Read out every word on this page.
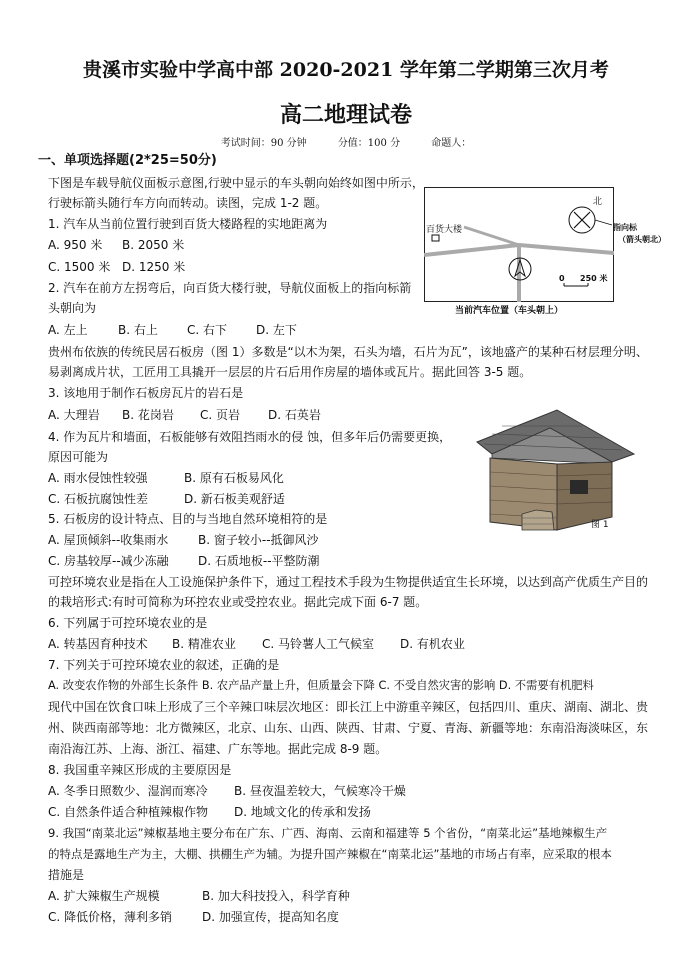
贵溪市实验中学高中部 2020-2021 学年第二学期第三次月考
高二地理试卷
考试时间：90 分钟	分值：100 分	命题人：
一、单项选择题(2*25=50分)
下图是车载导航仪面板示意图,行驶中显示的车头朝向始终如图中所示，
行驶标箭头随行车方向而转动。读图，完成 1-2 题。
1. 汽车从当前位置行驶到百货大楼路程的实地距离为
A. 950 米 B. 2050 米
C. 1500 米 D. 1250 米
2. 汽车在前方左拐弯后，向百货大楼行驶，导航仪面板上的指向标箭
头朝向为
A. 左上	B. 右上 C. 右下 D. 左下
百货大楼
北
指向标
（箭头朝北）
0 250 米
当前汽车位置（车头朝上）
贵州布依族的传统民居石板房（图 1）多数是“以木为架，石头为墙，石片为瓦”，该地盛产的某种石材层理分明、
易剥离成片状，工匠用工具撬开一层层的片石后用作房屋的墙体或瓦片。据此回答 3-5 题。
3. 该地用于制作石板房瓦片的岩石是
A. 大理岩 B. 花岗岩 C. 页岩 D. 石英岩
4. 作为瓦片和墙面，石板能够有效阻挡雨水的侵 蚀，但多年后仍需要更换，
原因可能为
A. 雨水侵蚀性较强	B. 原有石板易风化
C. 石板抗腐蚀性差	D. 新石板美观舒适
图 1
5. 石板房的设计特点、目的与当地自然环境相符的是
A. 屋顶倾斜--收集雨水 B. 窗子较小--抵御风沙
C. 房基较厚--减少冻融 D. 石质地板--平整防潮
可控环境农业是指在人工设施保护条件下，通过工程技术手段为生物提供适宜生长环境，以达到高产优质生产目的
的栽培形式:有时可简称为环控农业或受控农业。据此完成下面 6-7 题。
6. 下列属于可控环境农业的是
A. 转基因育种技术 B. 精准农业 C. 马铃薯人工气候室 D. 有机农业
7. 下列关于可控环境农业的叙述，正确的是
A. 改变农作物的外部生长条件 B. 农产品产量上升，但质量会下降 C. 不受自然灾害的影响 D. 不需要有机肥料
现代中国在饮食口味上形成了三个辛辣口味层次地区：即长江上中游重辛辣区，包括四川、重庆、湖南、湖北、贵
州、陕西南部等地：北方微辣区，北京、山东、山西、陕西、甘肃、宁夏、青海、新疆等地：东南沿海淡味区，东
南沿海江苏、上海、浙江、福建、广东等地。据此完成 8-9 题。
8. 我国重辛辣区形成的主要原因是
A. 冬季日照数少、湿润而寒冷 B. 昼夜温差较大，气候寒冷干燥
C. 自然条件适合种植辣椒作物 D. 地域文化的传承和发扬
9. 我国“南菜北运”辣椒基地主要分布在广东、广西、海南、云南和福建等 5 个省份，“南菜北运”基地辣椒生产
的特点是露地生产为主，大棚、拱棚生产为辅。为提升国产辣椒在“南菜北运”基地的市场占有率，应采取的根本
措施是
A. 扩大辣椒生产规模	B. 加大科技投入，科学育种
C. 降低价格，薄利多销 D. 加强宣传，提高知名度
